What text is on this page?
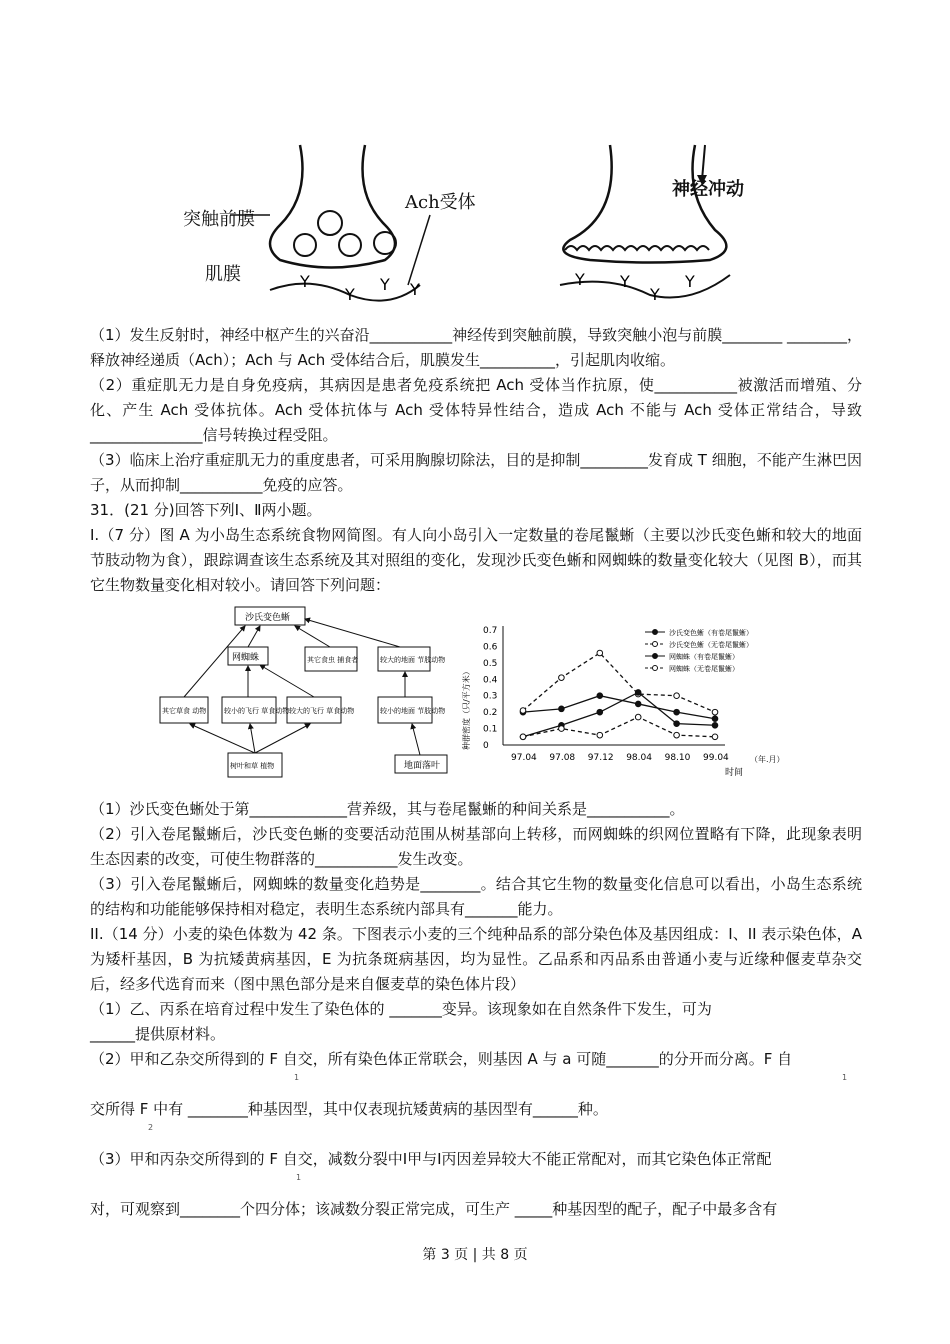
Y
Y
Y Y
Y Y
Y
Y
突触前膜
Ach受体
肌膜
神经冲动
（1）发生反射时，神经中枢产生的兴奋沿___________神经传到突触前膜，导致突触小泡与前膜________ ________，释放神经递质（Ach）；Ach 与 Ach 受体结合后，肌膜发生__________，引起肌肉收缩。
（2）重症肌无力是自身免疫病，其病因是患者免疫系统把 Ach 受体当作抗原，使___________被激活而增殖、分化、产生 Ach 受体抗体。Ach 受体抗体与 Ach 受体特异性结合，造成 Ach 不能与 Ach 受体正常结合，导致_______________信号转换过程受阻。
（3）临床上治疗重症肌无力的重度患者，可采用胸腺切除法，目的是抑制_________发育成 T 细胞，不能产生淋巴因子，从而抑制___________免疫的应答。
31．(21 分)回答下列Ⅰ、Ⅱ两小题。
I.（7 分）图 A 为小岛生态系统食物网简图。有人向小岛引入一定数量的卷尾鬣蜥（主要以沙氏变色蜥和较大的地面节肢动物为食），跟踪调查该生态系统及其对照组的变化，发现沙氏变色蜥和网蜘蛛的数量变化较大（见图 B），而其它生物数量变化相对较小。请回答下列问题：
沙氏变色蜥
网蜘蛛	其它食虫 捕食者	较大的地面 节肢动物
其它草食 动物	较小的飞行 草食动物 较大的飞行 草食动物	较小的地面 节肢动物
树叶和草 植物	地面落叶
种群密度（只/平方米）
时间
（年.月）
0
0.1
0.2
0.3
0.4
0.5
0.6
0.7
97.04 97.08 97.12 98.04 98.10 99.04
沙氏变色蜥（有卷尾鬣蜥）
沙氏变色蜥（无卷尾鬣蜥）
网蜘蛛（有卷尾鬣蜥）
网蜘蛛（无卷尾鬣蜥）
（1）沙氏变色蜥处于第_____________营养级，其与卷尾鬣蜥的种间关系是___________。
（2）引入卷尾鬣蜥后，沙氏变色蜥的变要活动范围从树基部向上转移，而网蜘蛛的织网位置略有下降，此现象表明生态因素的改变，可使生物群落的___________发生改变。
（3）引入卷尾鬣蜥后，网蜘蛛的数量变化趋势是________。结合其它生物的数量变化信息可以看出，小岛生态系统的结构和功能能够保持相对稳定，表明生态系统内部具有_______能力。
II.（14 分）小麦的染色体数为 42 条。下图表示小麦的三个纯种品系的部分染色体及基因组成：I、II 表示染色体，A 为矮杆基因，B 为抗矮黄病基因，E 为抗条斑病基因，均为显性。乙品系和丙品系由普通小麦与近缘种偃麦草杂交后，经多代选育而来（图中黑色部分是来自偃麦草的染色体片段）
（1）乙、丙系在培育过程中发生了染色体的 _______变异。该现象如在自然条件下发生，可为
______提供原材料。
（2）甲和乙杂交所得到的 F 自交，所有染色体正常联会，则基因 A 与 a 可随_______的分开而分离。F 自
1	1
交所得 F 中有 ________种基因型，其中仅表现抗矮黄病的基因型有______种。
2
（3）甲和丙杂交所得到的 F 自交，减数分裂中Ⅰ甲与Ⅰ丙因差异较大不能正常配对，而其它染色体正常配
1
对，可观察到________个四分体；该减数分裂正常完成，可生产 _____种基因型的配子，配子中最多含有
第 3 页 | 共 8 页
